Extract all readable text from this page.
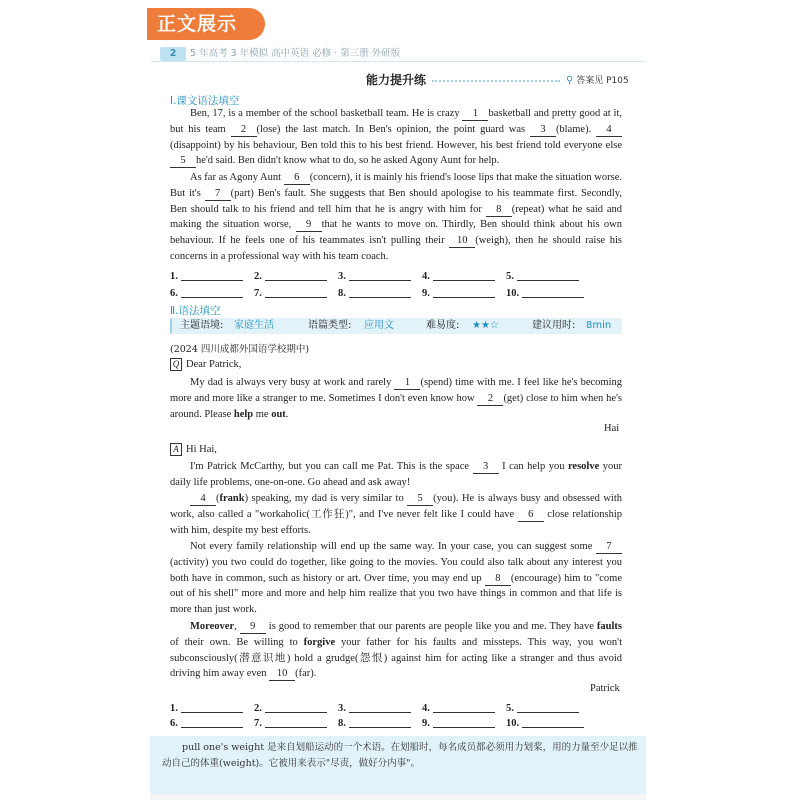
正文展示
2	5 年高考 3 年模拟 高中英语 必修 · 第三册 外研版
能力提升练	⚲ 答案见 P105
Ⅰ.课文语法填空

Ben, 17, is a member of the school basketball team. He is crazy 1 basketball and pretty good at it, but his team 2 (lose) the last match. In Ben's opinion, the point guard was 3 (blame). 4(disappoint) by his behaviour, Ben told this to his best friend. However, his best friend told everyone else 5 he'd said. Ben didn't know what to do, so he asked Agony Aunt for help.

As far as Agony Aunt 6 (concern), it is mainly his friend's loose lips that make the situation worse. But it's 7 (part) Ben's fault. She suggests that Ben should apologise to his teammate first. Secondly, Ben should talk to his friend and tell him that he is angry with him for 8 (repeat) what he said and making the situation worse, 9 that he wants to move on. Thirdly, Ben should think about his own behaviour. If he feels one of his teammates isn't pulling their 10 (weigh), then he should raise his concerns in a professional way with his team coach.

1.	2.	3.	4.	5.
6.	7.	8.	9.	10.
Ⅱ.语法填空
主题语境: 家庭生活	语篇类型: 应用文	难易度: ★★☆	建议用时: 8min
(2024 四川成都外国语学校期中)
Q Dear Patrick,

My dad is always very busy at work and rarely 1 (spend) time with me. I feel like he's becoming more and more like a stranger to me. Sometimes I don't even know how 2 (get) close to him when he's around. Please help me out.

Hai
A Hi Hai,

I'm Patrick McCarthy, but you can call me Pat. This is the space 3 I can help you resolve your daily life problems, one-on-one. Go ahead and ask away!

4 (frank) speaking, my dad is very similar to 5 (you). He is always busy and obsessed with work, also called a "workaholic(工作狂)", and I've never felt like I could have 6 close relationship with him, despite my best efforts.

Not every family relationship will end up the same way. In your case, you can suggest some 7(activity) you two could do together, like going to the movies. You could also talk about any interest you both have in common, such as history or art. Over time, you may end up 8 (encourage) him to "come out of his shell" more and more and help him realize that you two have things in common and that life is more than just work.

Moreover, 9 is good to remember that our parents are people like you and me. They have faults of their own. Be willing to forgive your father for his faults and missteps. This way, you won't subconsciously(潜意识地) hold a grudge(怨恨) against him for acting like a stranger and thus avoid driving him away even 10 (far).

Patrick
1.	2.	3.	4.	5.
6.	7.	8.	9.	10.

pull one's weight 是来自划船运动的一个术语。在划船时，每名成员都必须用力划桨，用的力量至少足以推动自己的体重(weight)。它被用来表示"尽责，做好分内事"。
